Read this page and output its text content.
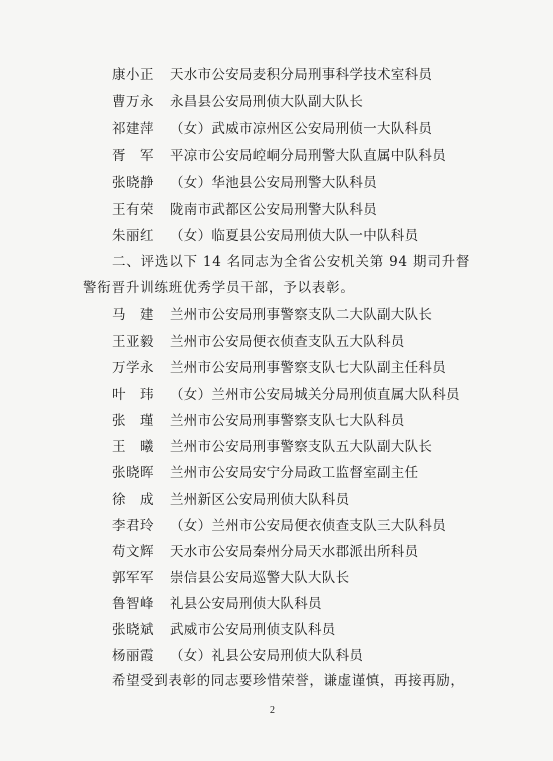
康小正 天水市公安局麦积分局刑事科学技术室科员
曹万永 永昌县公安局刑侦大队副大队长
祁建萍 （女）武威市凉州区公安局刑侦一大队科员
胥　军 平凉市公安局崆峒分局刑警大队直属中队科员
张晓静 （女）华池县公安局刑警大队科员
王有荣 陇南市武都区公安局刑警大队科员
朱丽红 （女）临夏县公安局刑侦大队一中队科员
二、评选以下 14 名同志为全省公安机关第 94 期司升督
警衔晋升训练班优秀学员干部，予以表彰。
马　建 兰州市公安局刑事警察支队二大队副大队长
王亚毅 兰州市公安局便衣侦查支队五大队科员
万学永 兰州市公安局刑事警察支队七大队副主任科员
叶　玮 （女）兰州市公安局城关分局刑侦直属大队科员
张　瑾 兰州市公安局刑事警察支队七大队科员
王　曦 兰州市公安局刑事警察支队五大队副大队长
张晓晖 兰州市公安局安宁分局政工监督室副主任
徐　成 兰州新区公安局刑侦大队科员
李君玲 （女）兰州市公安局便衣侦查支队三大队科员
苟文辉 天水市公安局秦州分局天水郡派出所科员
郭军军 崇信县公安局巡警大队大队长
鲁智峰 礼县公安局刑侦大队科员
张晓斌 武威市公安局刑侦支队科员
杨丽霞 （女）礼县公安局刑侦大队科员
希望受到表彰的同志要珍惜荣誉，谦虚谨慎，再接再励，
2
